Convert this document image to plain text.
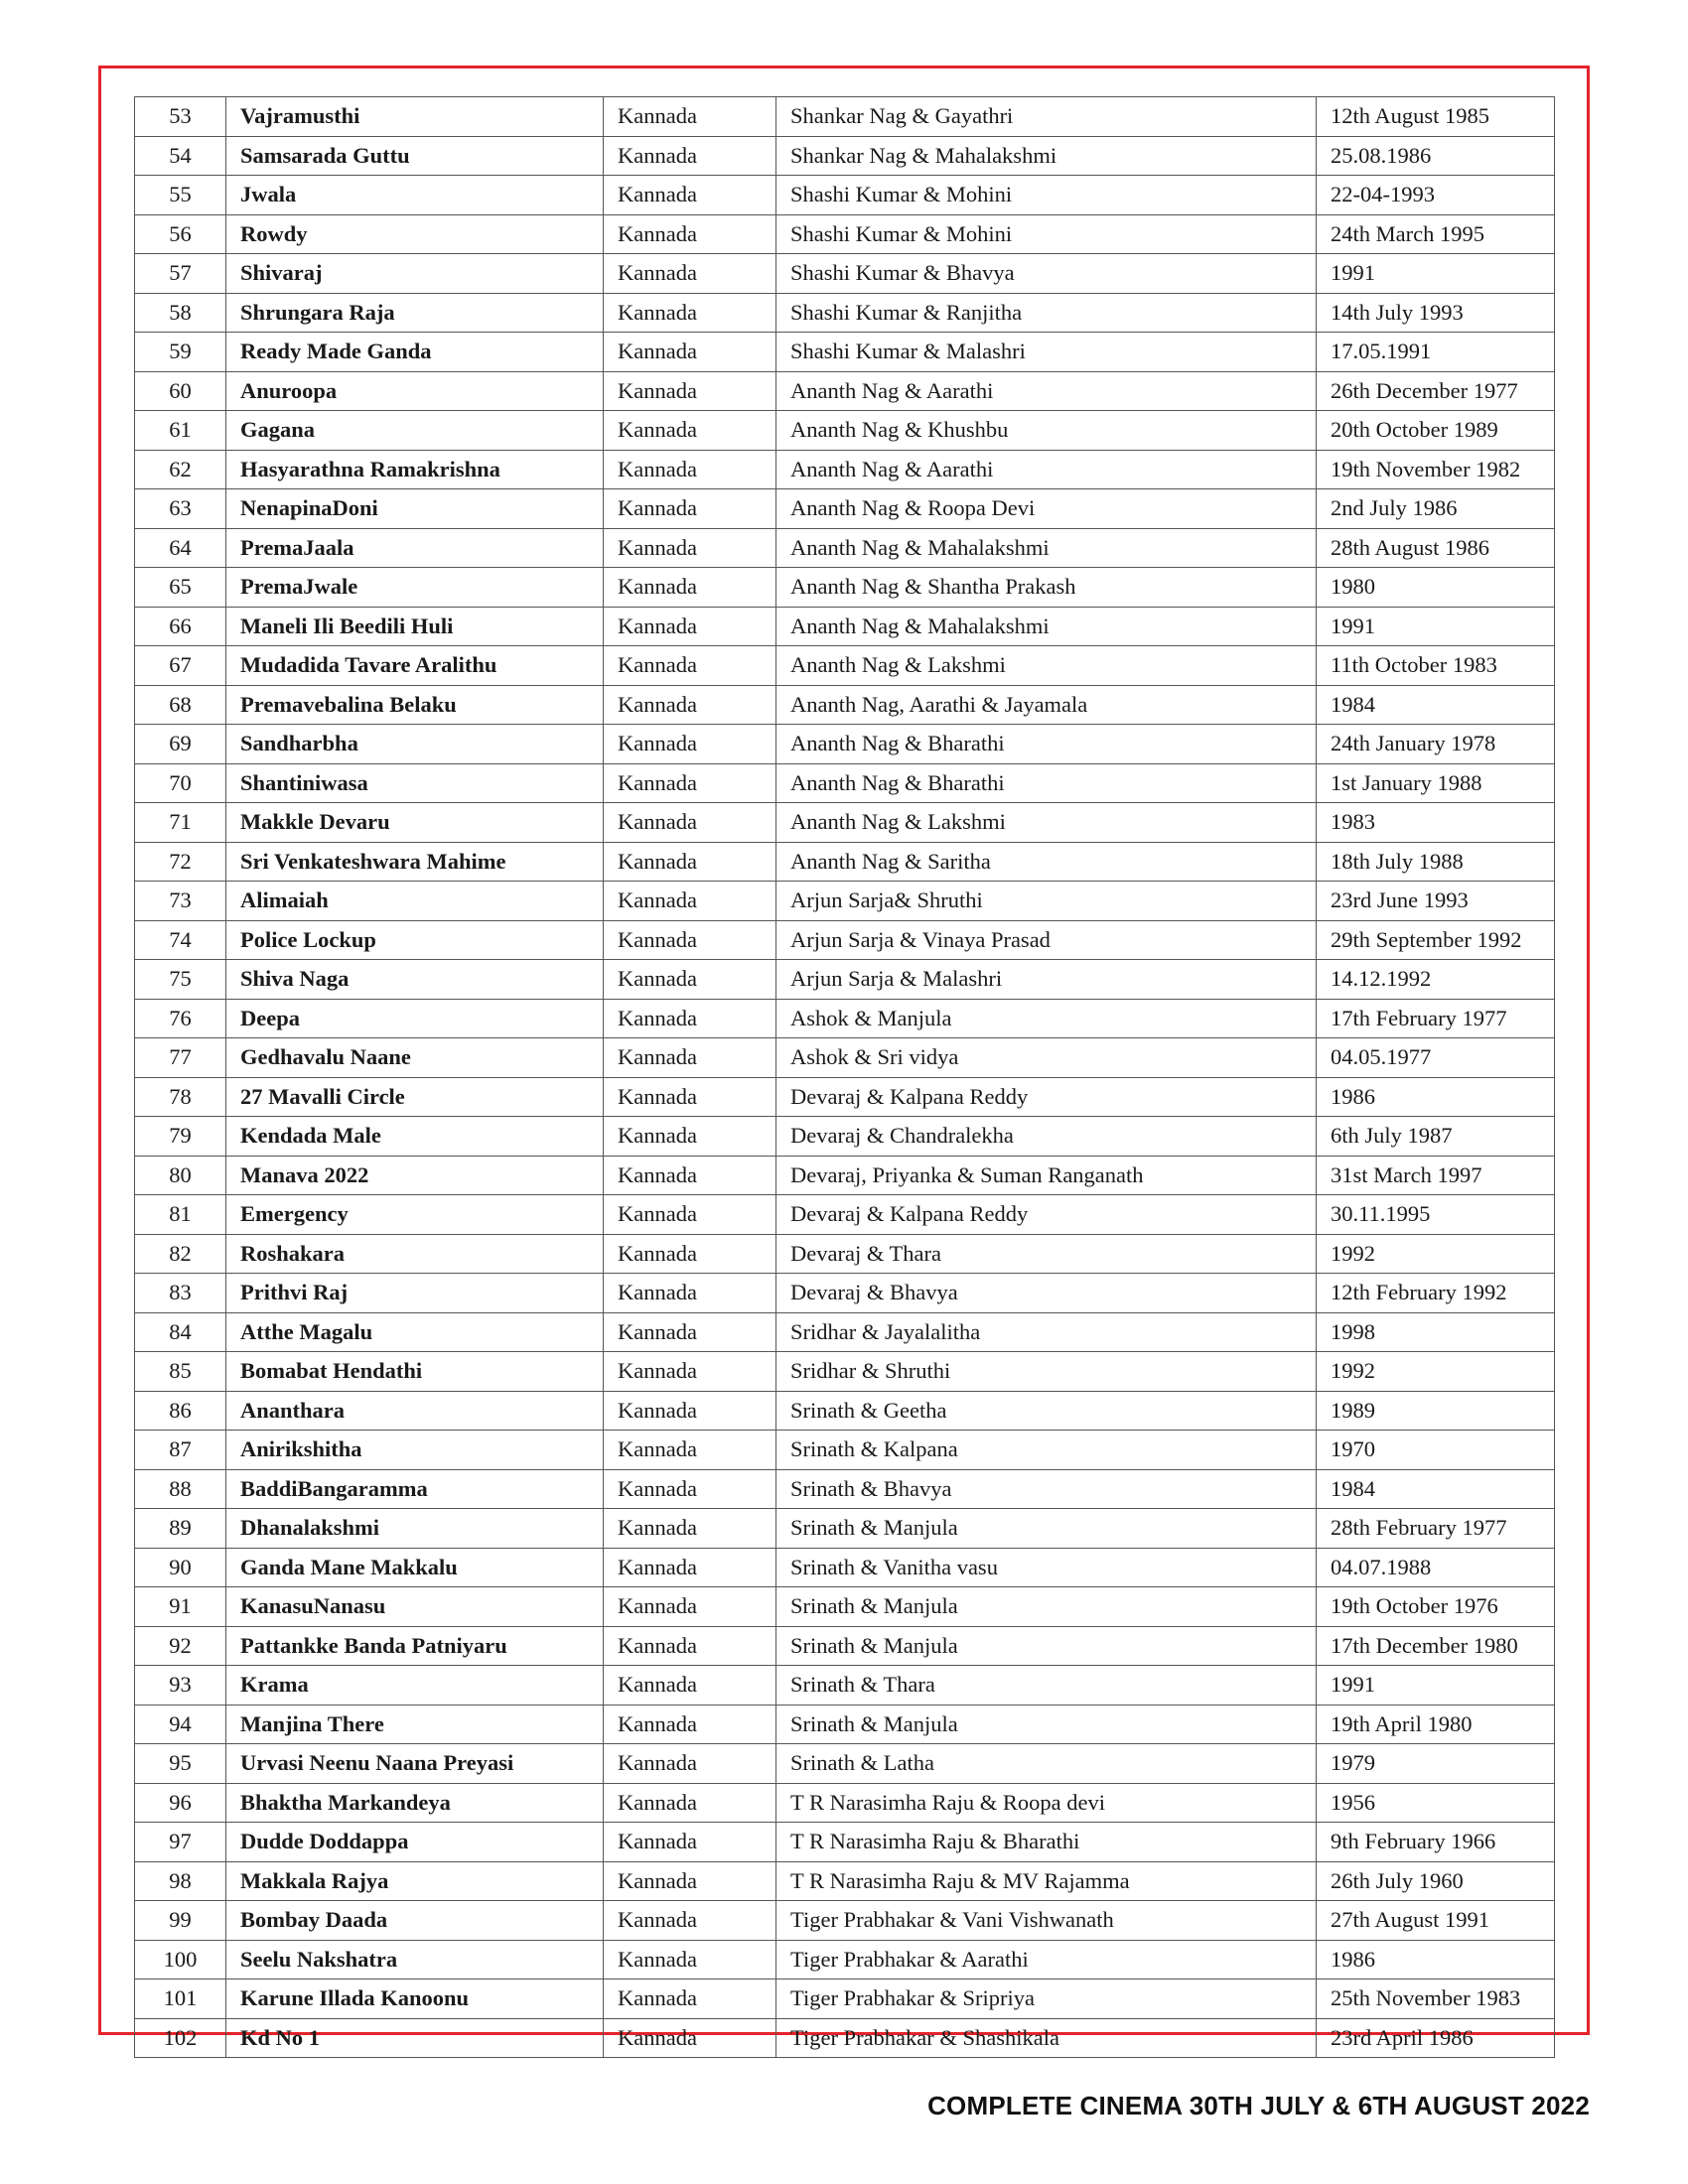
53	Vajramusthi	Kannada	Shankar Nag & Gayathri	12th August 1985
54	Samsarada Guttu	Kannada	Shankar Nag & Mahalakshmi	25.08.1986
55	Jwala	Kannada	Shashi Kumar & Mohini	22-04-1993
56	Rowdy	Kannada	Shashi Kumar & Mohini	24th March 1995
57	Shivaraj	Kannada	Shashi Kumar & Bhavya	1991
58	Shrungara Raja	Kannada	Shashi Kumar & Ranjitha	14th July 1993
59	Ready Made Ganda	Kannada	Shashi Kumar & Malashri	17.05.1991
60	Anuroopa	Kannada	Ananth Nag & Aarathi	26th December 1977
61	Gagana	Kannada	Ananth Nag & Khushbu	20th October 1989
62	Hasyarathna Ramakrishna	Kannada	Ananth Nag & Aarathi	19th November 1982
63	NenapinaDoni	Kannada	Ananth Nag & Roopa Devi	2nd July 1986
64	PremaJaala	Kannada	Ananth Nag & Mahalakshmi	28th August 1986
65	PremaJwale	Kannada	Ananth Nag & Shantha Prakash	1980
66	Maneli Ili Beedili Huli	Kannada	Ananth Nag & Mahalakshmi	1991
67	Mudadida Tavare Aralithu	Kannada	Ananth Nag & Lakshmi	11th October 1983
68	Premavebalina Belaku	Kannada	Ananth Nag, Aarathi & Jayamala	1984
69	Sandharbha	Kannada	Ananth Nag & Bharathi	24th January 1978
70	Shantiniwasa	Kannada	Ananth Nag & Bharathi	1st January 1988
71	Makkle Devaru	Kannada	Ananth Nag & Lakshmi	1983
72	Sri Venkateshwara Mahime	Kannada	Ananth Nag & Saritha	18th July 1988
73	Alimaiah	Kannada	Arjun Sarja& Shruthi	23rd June 1993
74	Police Lockup	Kannada	Arjun Sarja & Vinaya Prasad	29th September 1992
75	Shiva Naga	Kannada	Arjun Sarja & Malashri	14.12.1992
76	Deepa	Kannada	Ashok & Manjula	17th February 1977
77	Gedhavalu Naane	Kannada	Ashok & Sri vidya	04.05.1977
78	27 Mavalli Circle	Kannada	Devaraj & Kalpana Reddy	1986
79	Kendada Male	Kannada	Devaraj & Chandralekha	6th July 1987
80	Manava 2022	Kannada	Devaraj, Priyanka & Suman Ranganath	31st March 1997
81	Emergency	Kannada	Devaraj & Kalpana Reddy	30.11.1995
82	Roshakara	Kannada	Devaraj & Thara	1992
83	Prithvi Raj	Kannada	Devaraj & Bhavya	12th February 1992
84	Atthe Magalu	Kannada	Sridhar & Jayalalitha	1998
85	Bomabat Hendathi	Kannada	Sridhar & Shruthi	1992
86	Ananthara	Kannada	Srinath & Geetha	1989
87	Anirikshitha	Kannada	Srinath & Kalpana	1970
88	BaddiBangaramma	Kannada	Srinath & Bhavya	1984
89	Dhanalakshmi	Kannada	Srinath & Manjula	28th February 1977
90	Ganda Mane Makkalu	Kannada	Srinath & Vanitha vasu	04.07.1988
91	KanasuNanasu	Kannada	Srinath & Manjula	19th October 1976
92	Pattankke Banda Patniyaru	Kannada	Srinath & Manjula	17th December 1980
93	Krama	Kannada	Srinath & Thara	1991
94	Manjina There	Kannada	Srinath & Manjula	19th April 1980
95	Urvasi Neenu Naana Preyasi	Kannada	Srinath & Latha	1979
96	Bhaktha Markandeya	Kannada	T R Narasimha Raju & Roopa devi	1956
97	Dudde Doddappa	Kannada	T R Narasimha Raju & Bharathi	9th February 1966
98	Makkala Rajya	Kannada	T R Narasimha Raju & MV Rajamma	26th July 1960
99	Bombay Daada	Kannada	Tiger Prabhakar & Vani Vishwanath	27th August 1991
100	Seelu Nakshatra	Kannada	Tiger Prabhakar & Aarathi	1986
101	Karune Illada Kanoonu	Kannada	Tiger Prabhakar & Sripriya	25th November 1983
102	Kd No 1	Kannada	Tiger Prabhakar & Shashikala	23rd April 1986
COMPLETE CINEMA 30TH JULY & 6TH AUGUST 2022
